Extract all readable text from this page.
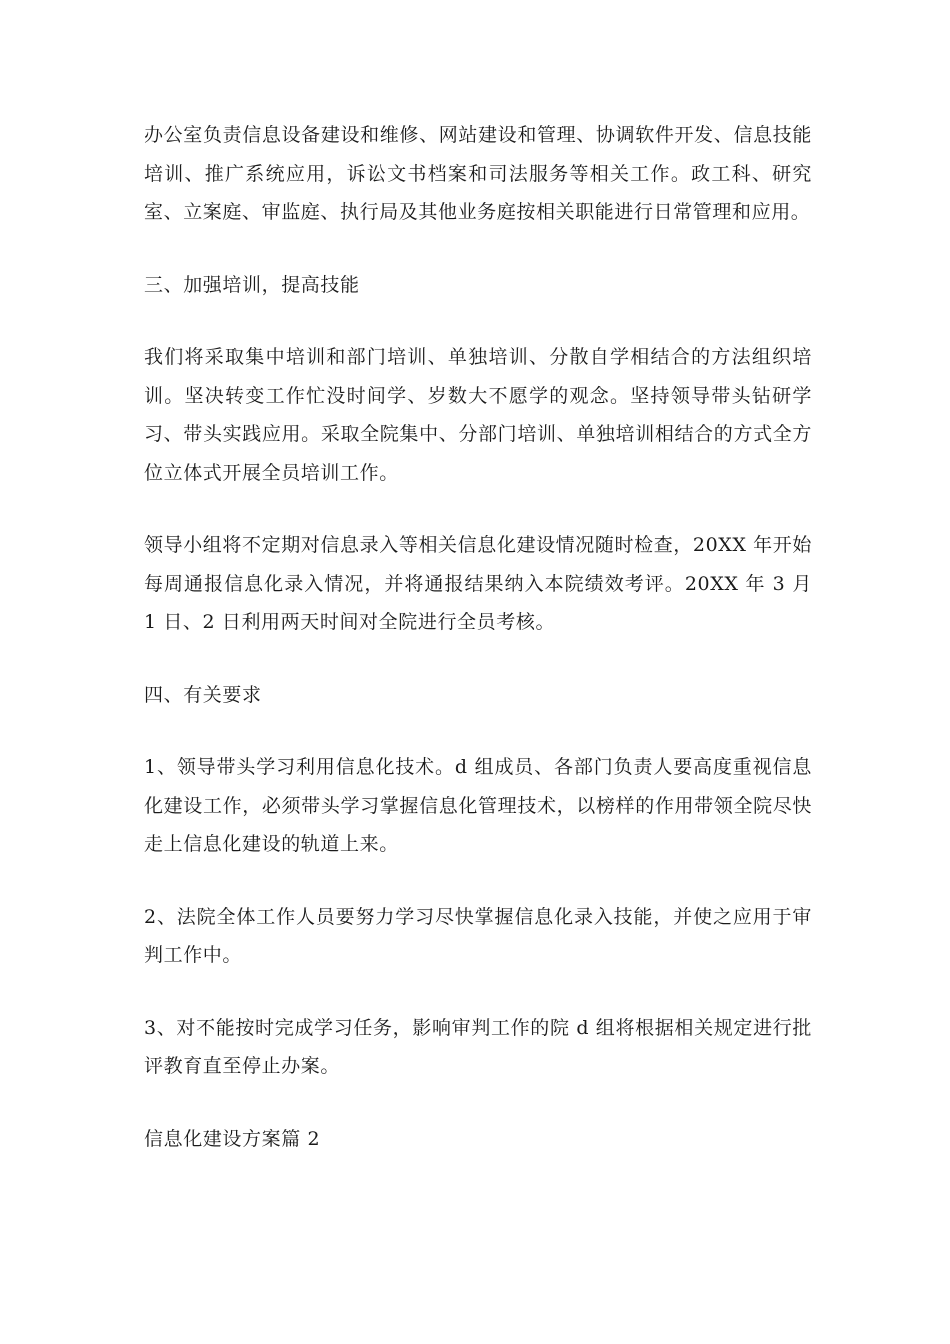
办公室负责信息设备建设和维修、网站建设和管理、协调软件开发、信息技能培训、推广系统应用，诉讼文书档案和司法服务等相关工作。政工科、研究室、立案庭、审监庭、执行局及其他业务庭按相关职能进行日常管理和应用。

三、加强培训，提高技能

我们将采取集中培训和部门培训、单独培训、分散自学相结合的方法组织培训。坚决转变工作忙没时间学、岁数大不愿学的观念。坚持领导带头钻研学习、带头实践应用。采取全院集中、分部门培训、单独培训相结合的方式全方位立体式开展全员培训工作。

领导小组将不定期对信息录入等相关信息化建设情况随时检查，20XX 年开始每周通报信息化录入情况，并将通报结果纳入本院绩效考评。20XX 年 3 月 1 日、2 日利用两天时间对全院进行全员考核。

四、有关要求

1、领导带头学习利用信息化技术。d 组成员、各部门负责人要高度重视信息化建设工作，必须带头学习掌握信息化管理技术，以榜样的作用带领全院尽快走上信息化建设的轨道上来。

2、法院全体工作人员要努力学习尽快掌握信息化录入技能，并使之应用于审判工作中。

3、对不能按时完成学习任务，影响审判工作的院 d 组将根据相关规定进行批评教育直至停止办案。

信息化建设方案篇 2
